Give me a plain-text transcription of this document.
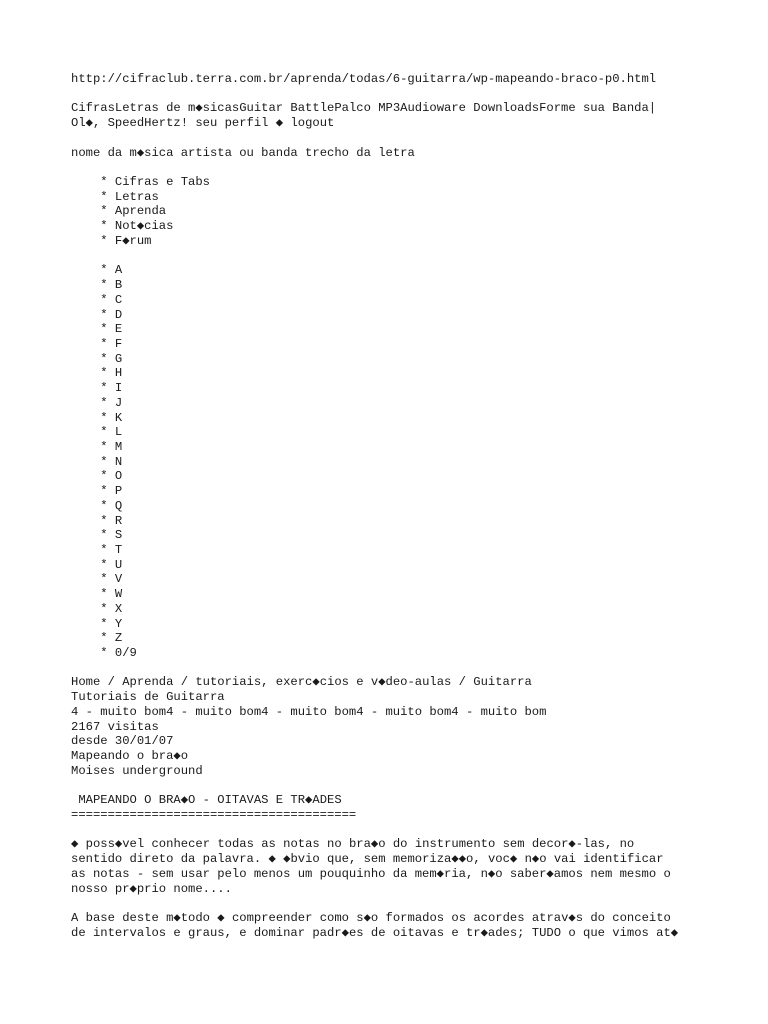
http://cifraclub.terra.com.br/aprenda/todas/6-guitarra/wp-mapeando-braco-p0.html
CifrasLetras de m◆sicasGuitar BattlePalco MP3Audioware DownloadsForme sua Banda|
Ol◆, SpeedHertz! seu perfil ◆ logout
nome da m◆sica artista ou banda trecho da letra
* Cifras e Tabs
* Letras
* Aprenda
* Not◆cias
* F◆rum
* A
* B
* C
* D
* E
* F
* G
* H
* I
* J
* K
* L
* M
* N
* O
* P
* Q
* R
* S
* T
* U
* V
* W
* X
* Y
* Z
* 0/9
Home / Aprenda / tutoriais, exerc◆cios e v◆deo-aulas / Guitarra
Tutoriais de Guitarra
4 - muito bom4 - muito bom4 - muito bom4 - muito bom4 - muito bom
2167 visitas
desde 30/01/07
Mapeando o bra◆o
Moises underground
MAPEANDO O BRA◆O - OITAVAS E TR◆ADES
=======================================
◆ poss◆vel conhecer todas as notas no bra◆o do instrumento sem decor◆-las, no
sentido direto da palavra. ◆ ◆bvio que, sem memoriza◆◆o, voc◆ n◆o vai identificar
as notas - sem usar pelo menos um pouquinho da mem◆ria, n◆o saber◆amos nem mesmo o
nosso pr◆prio nome....
A base deste m◆todo ◆ compreender como s◆o formados os acordes atrav◆s do conceito
de intervalos e graus, e dominar padr◆es de oitavas e tr◆ades; TUDO o que vimos at◆
